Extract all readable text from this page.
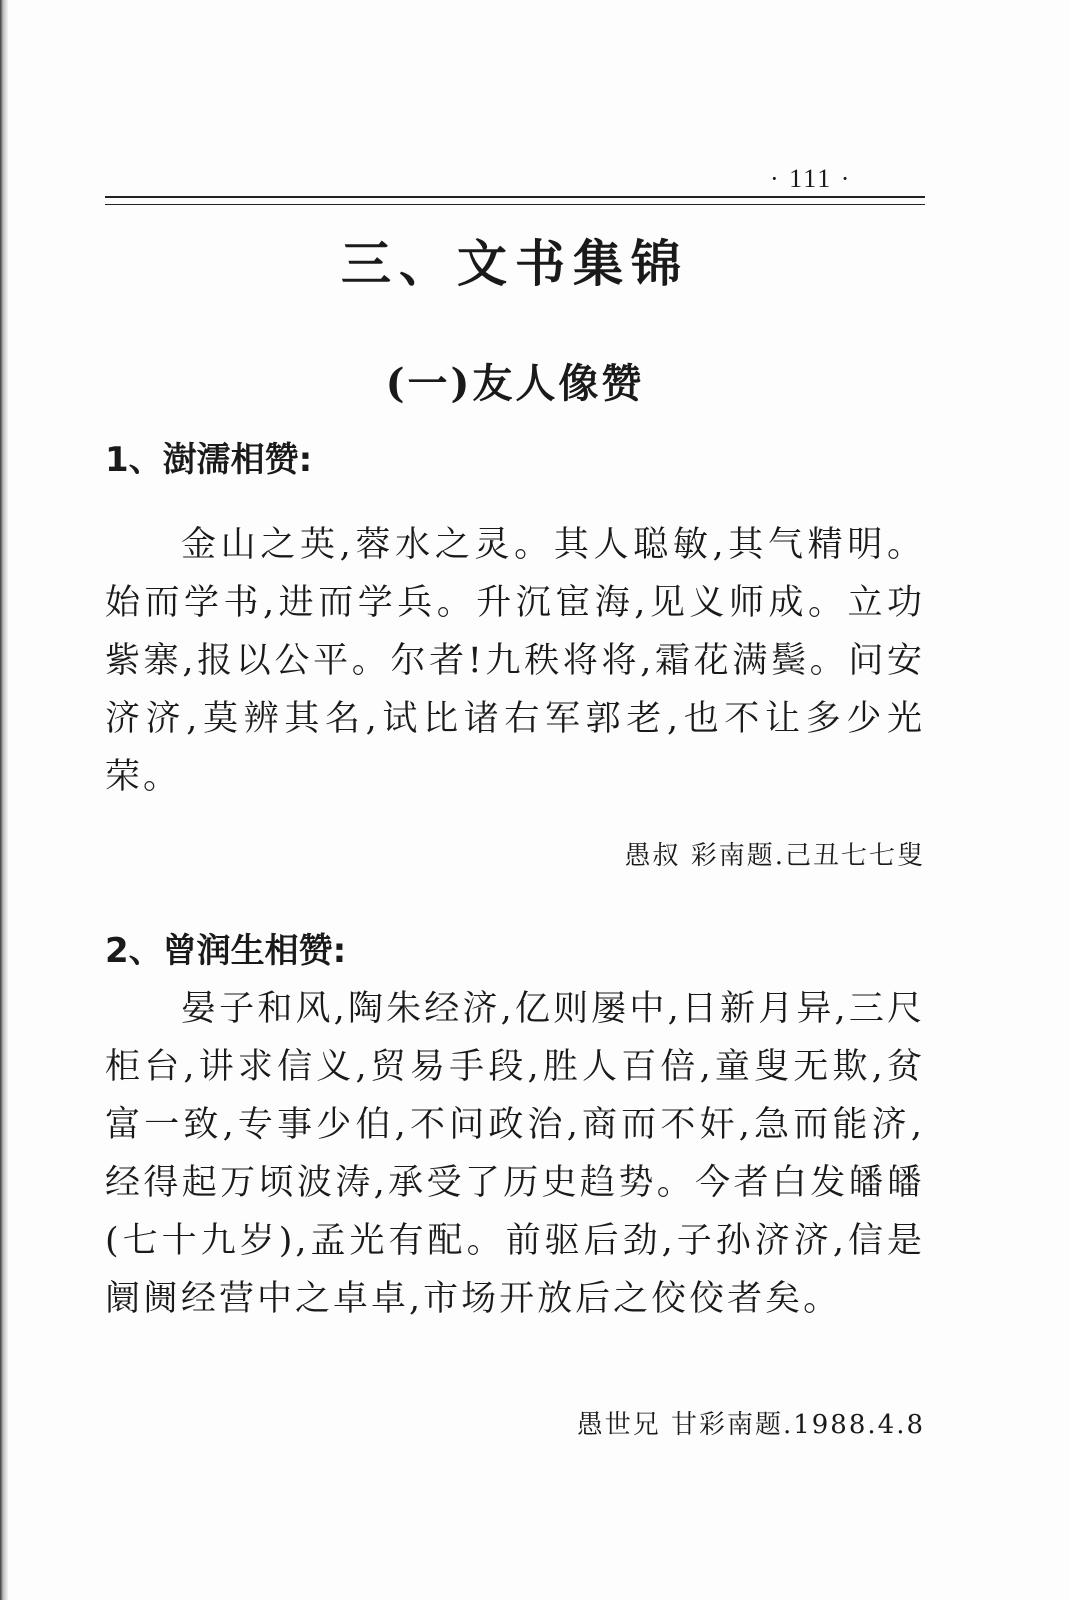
· 111 ·
三、文书集锦
(一)友人像赞
1、澍濡相赞:

金山之英,蓉水之灵。其人聪敏,其气精明。始而学书,进而学兵。升沉宦海,见义师成。立功紫寨,报以公平。尔者!九秩将将,霜花满鬓。问安济济,莫辨其名,试比诸右军郭老,也不让多少光荣。

愚叔 彩南题.己丑七七叟

2、曾润生相赞:

晏子和风,陶朱经济,亿则屡中,日新月异,三尺柜台,讲求信义,贸易手段,胜人百倍,童叟无欺,贫富一致,专事少伯,不问政治,商而不奸,急而能济,经得起万顷波涛,承受了历史趋势。今者白发皤皤(七十九岁),孟光有配。前驱后劲,子孙济济,信是阛阓经营中之卓卓,市场开放后之佼佼者矣。

愚世兄 甘彩南题.1988.4.8
